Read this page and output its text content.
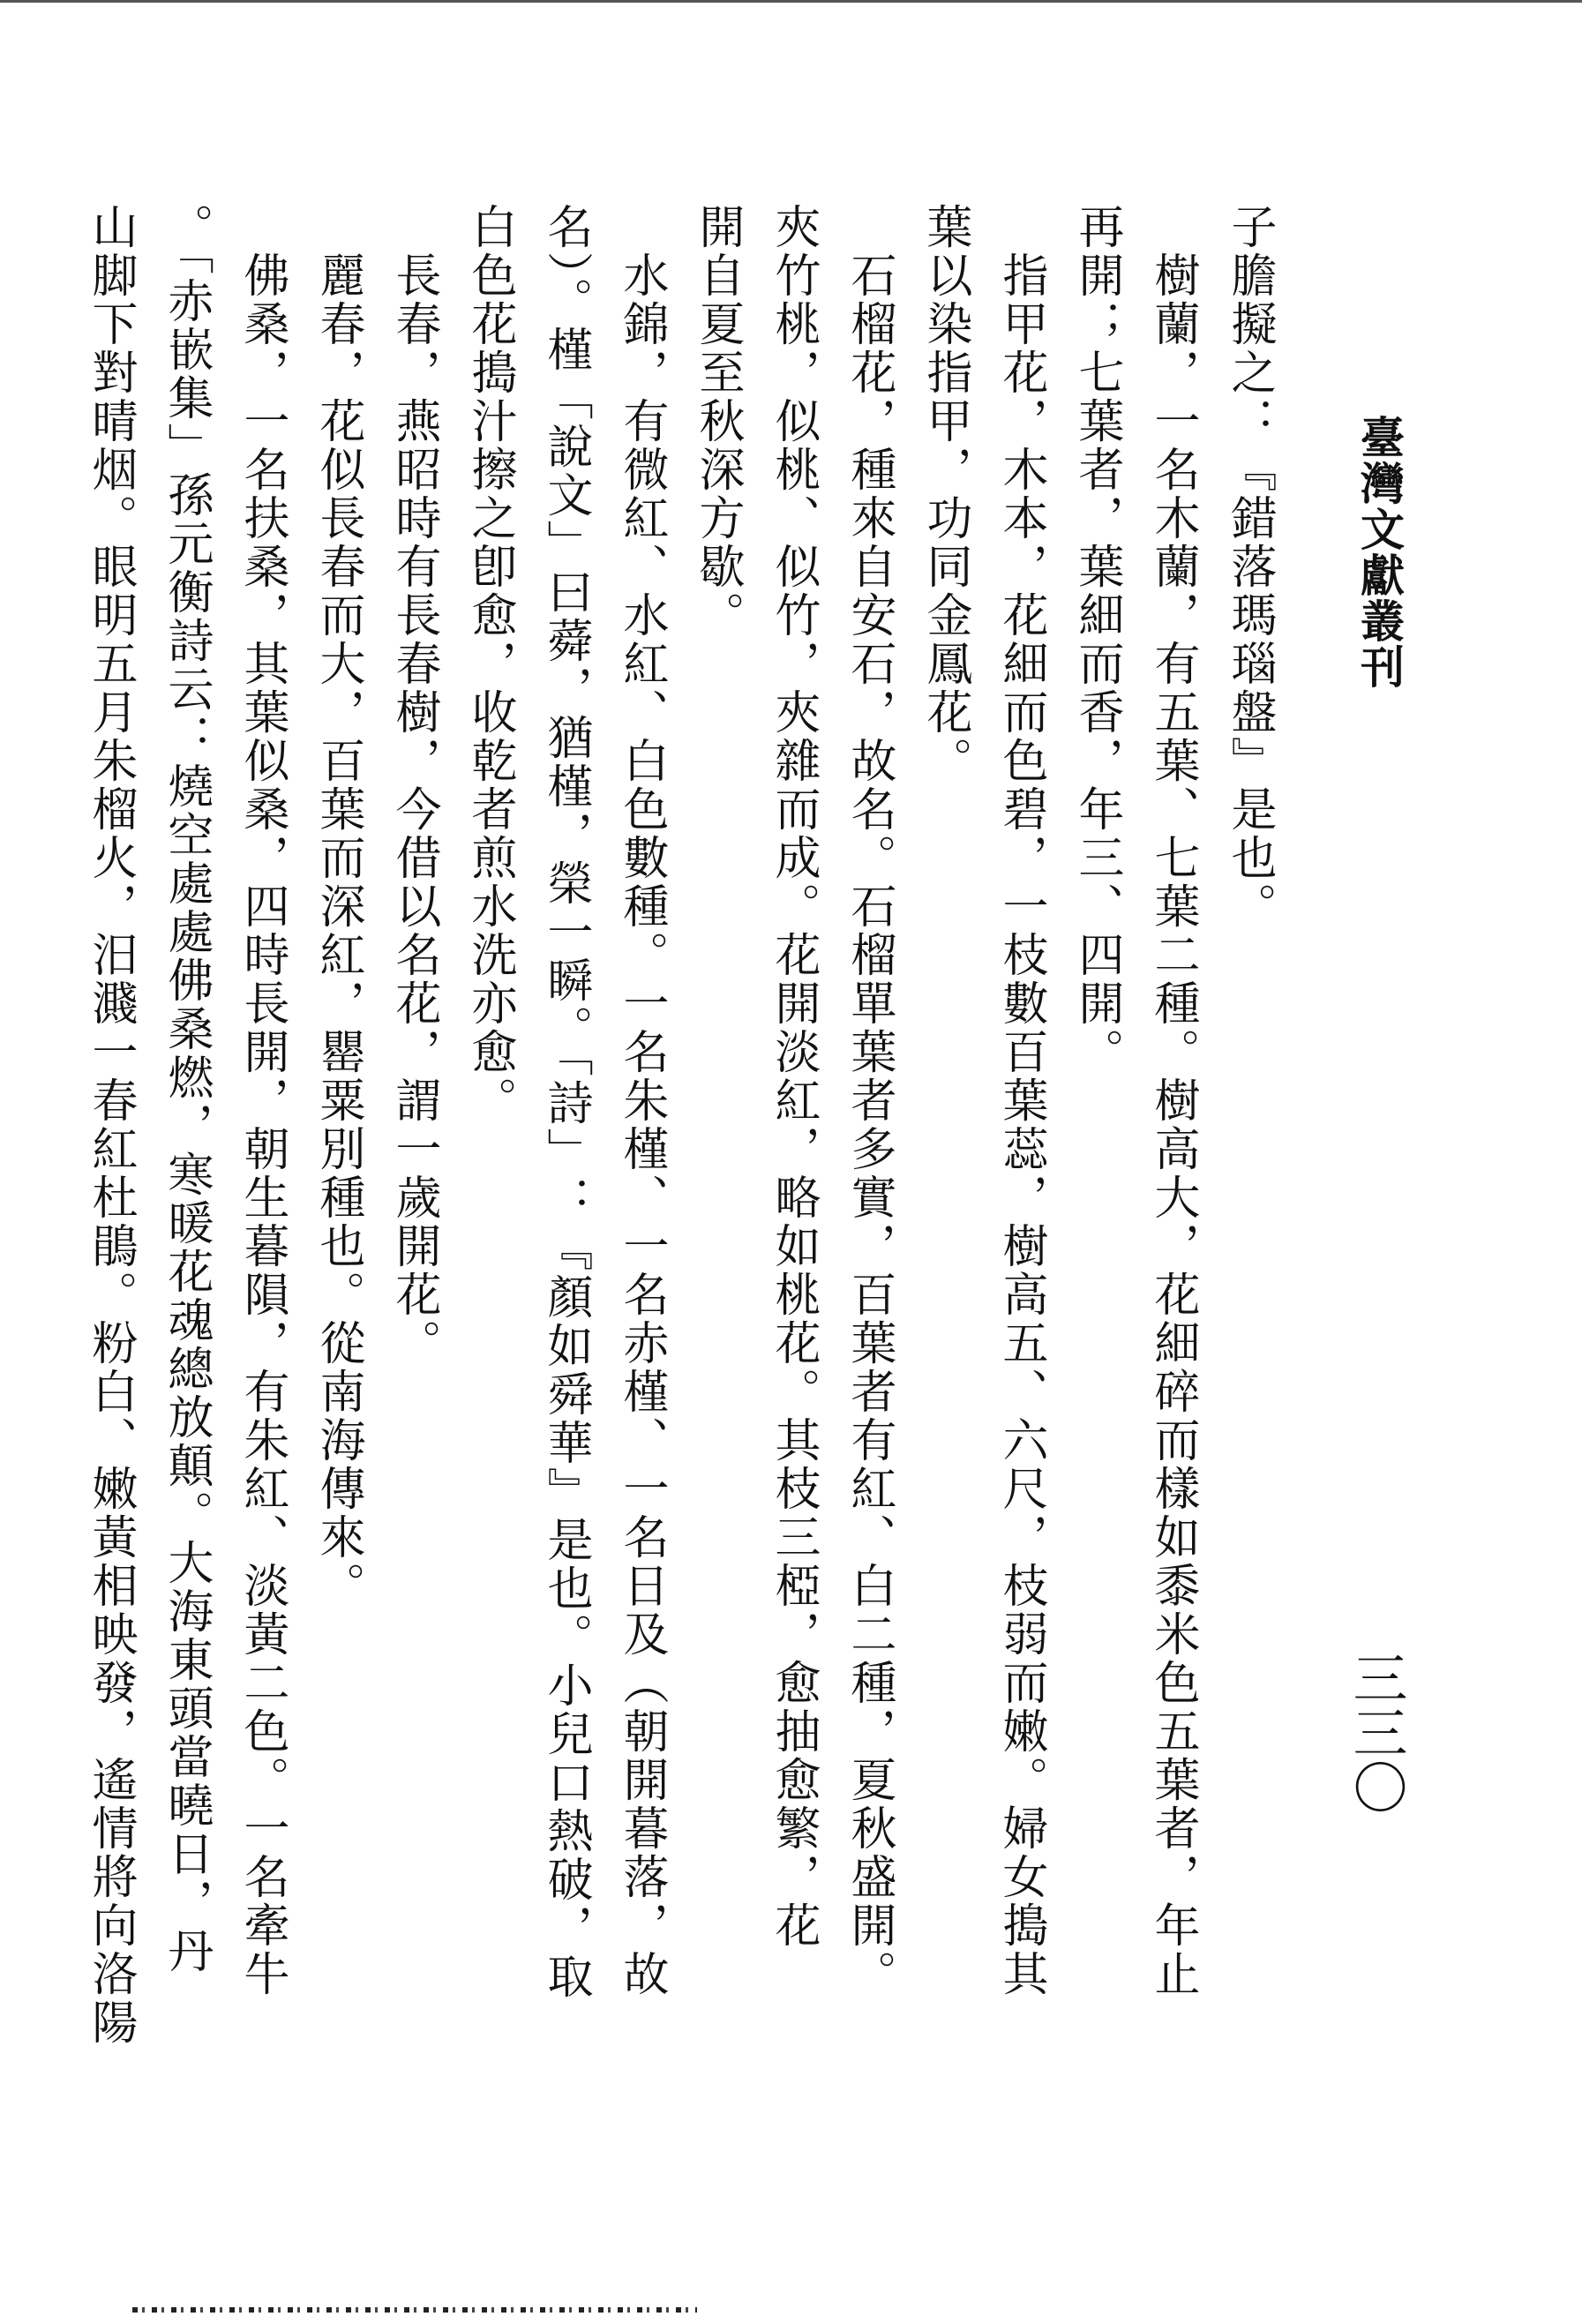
臺灣文獻叢刊
三三〇
子膽擬之：『錯落瑪瑙盤』是也。
　樹蘭，一名木蘭，有五葉、七葉二種。樹高大，花細碎而樣如黍米色五葉者，年止
再開；七葉者，葉細而香，年三、四開。
　指甲花，木本，花細而色碧，一枝數百葉蕊，樹高五、六尺，枝弱而嫩。婦女搗其
葉以染指甲，功同金鳳花。
　石榴花，種來自安石，故名。石榴單葉者多實，百葉者有紅、白二種，夏秋盛開。
夾竹桃，似桃、似竹，夾雜而成。花開淡紅，略如桃花。其枝三椏，愈抽愈繁，花
開自夏至秋深方歇。
　水錦，有微紅、水紅、白色數種。一名朱槿、一名赤槿、一名日及（朝開暮落，故
名）。槿「說文」曰蕣，猶槿，榮一瞬。「詩」：『顏如舜華』是也。小兒口熱破，取
白色花搗汁擦之卽愈，收乾者煎水洗亦愈。
　長春，燕昭時有長春樹，今借以名花，謂一歲開花。
　麗春，花似長春而大，百葉而深紅，罌粟別種也。從南海傳來。
　佛桑，一名扶桑，其葉似桑，四時長開，朝生暮隕，有朱紅、淡黃二色。一名牽牛
。「赤嵌集」孫元衡詩云：燒空處處佛桑燃，寒暖花魂總放顛。大海東頭當曉日，丹
山脚下對晴烟。眼明五月朱榴火，汨濺一春紅杜鵑。粉白、嫩黃相映發，遙情將向洛陽
